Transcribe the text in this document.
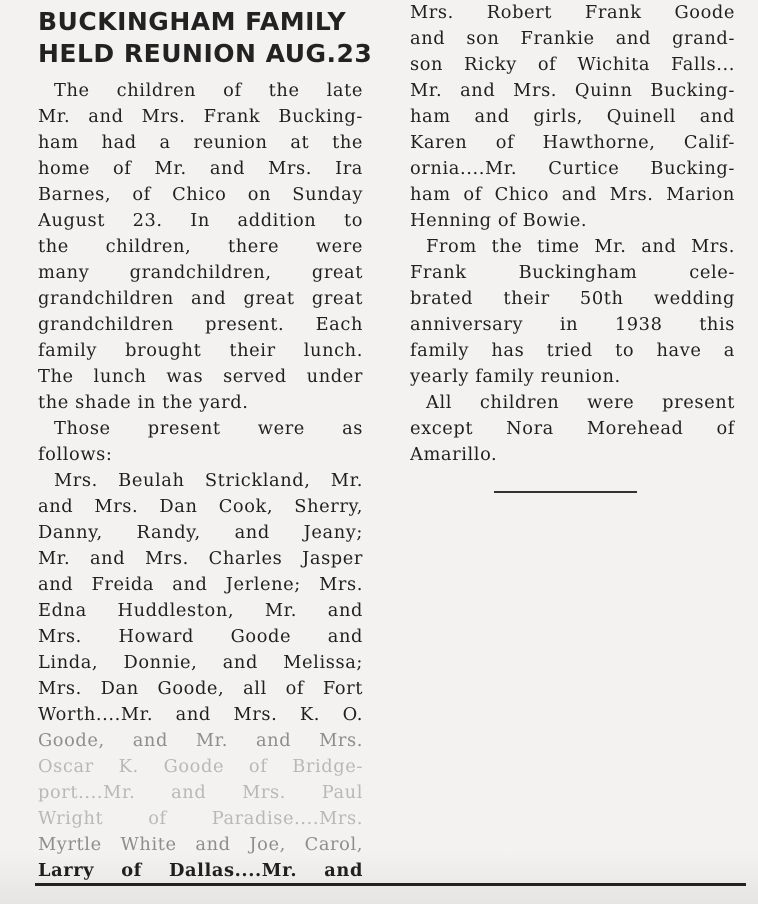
BUCKINGHAM FAMILY
HELD REUNION AUG.23
The children of the late
Mr. and Mrs. Frank Bucking-
ham had a reunion at the
home of Mr. and Mrs. Ira
Barnes, of Chico on Sunday
August 23. In addition to
the children, there were
many grandchildren, great
grandchildren and great great
grandchildren present. Each
family brought their lunch.
The lunch was served under
the shade in the yard.
Those present were as
follows:
Mrs. Beulah Strickland, Mr.
and Mrs. Dan Cook, Sherry,
Danny, Randy, and Jeany;
Mr. and Mrs. Charles Jasper
and Freida and Jerlene; Mrs.
Edna Huddleston, Mr. and
Mrs. Howard Goode and
Linda, Donnie, and Melissa;
Mrs. Dan Goode, all of Fort
Worth....Mr. and Mrs. K. O.
Goode, and Mr. and Mrs.
Oscar K. Goode of Bridge-
port....Mr. and Mrs. Paul
Wright of Paradise....Mrs.
Myrtle White and Joe, Carol,
Larry of Dallas....Mr. and
Mrs. Robert Frank Goode
and son Frankie and grand-
son Ricky of Wichita Falls...
Mr. and Mrs. Quinn Bucking-
ham and girls, Quinell and
Karen of Hawthorne, Calif-
ornia....Mr. Curtice Bucking-
ham of Chico and Mrs. Marion
Henning of Bowie.
From the time Mr. and Mrs.
Frank Buckingham cele-
brated their 50th wedding
anniversary in 1938 this
family has tried to have a
yearly family reunion.
All children were present
except Nora Morehead of
Amarillo.
